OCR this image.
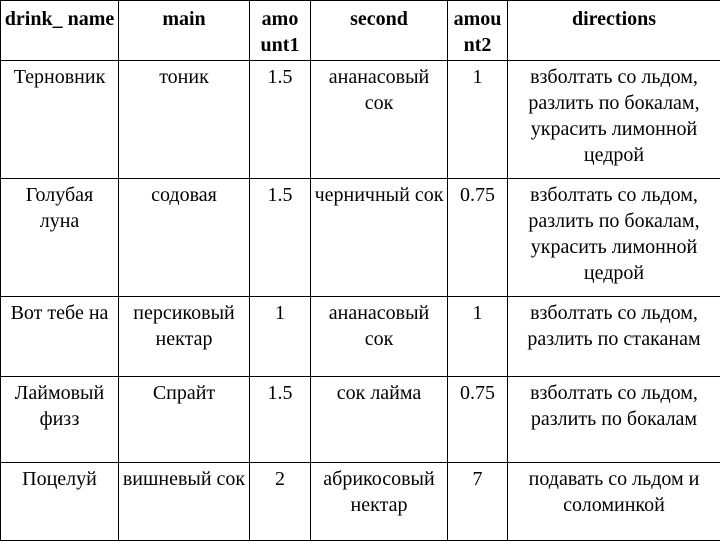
drink_ name	main	amo unt1	second	amou nt2	directions

Терновник	тоник	1.5	ананасовый сок	1	взболтать со льдом, разлить по бокалам, украсить лимонной цедрой

Голубая луна	содовая	1.5	черничный сок	0.75	взболтать со льдом, разлить по бокалам, украсить лимонной цедрой

Вот тебе на	персиковый нектар	1	ананасовый сок	1	взболтать со льдом, разлить по стаканам

Лаймовый физз	Спрайт	1.5	сок лайма	0.75	взболтать со льдом, разлить по бокалам

Поцелуй	вишневый сок	2	абрикосовый нектар	7	подавать со льдом и соломинкой
